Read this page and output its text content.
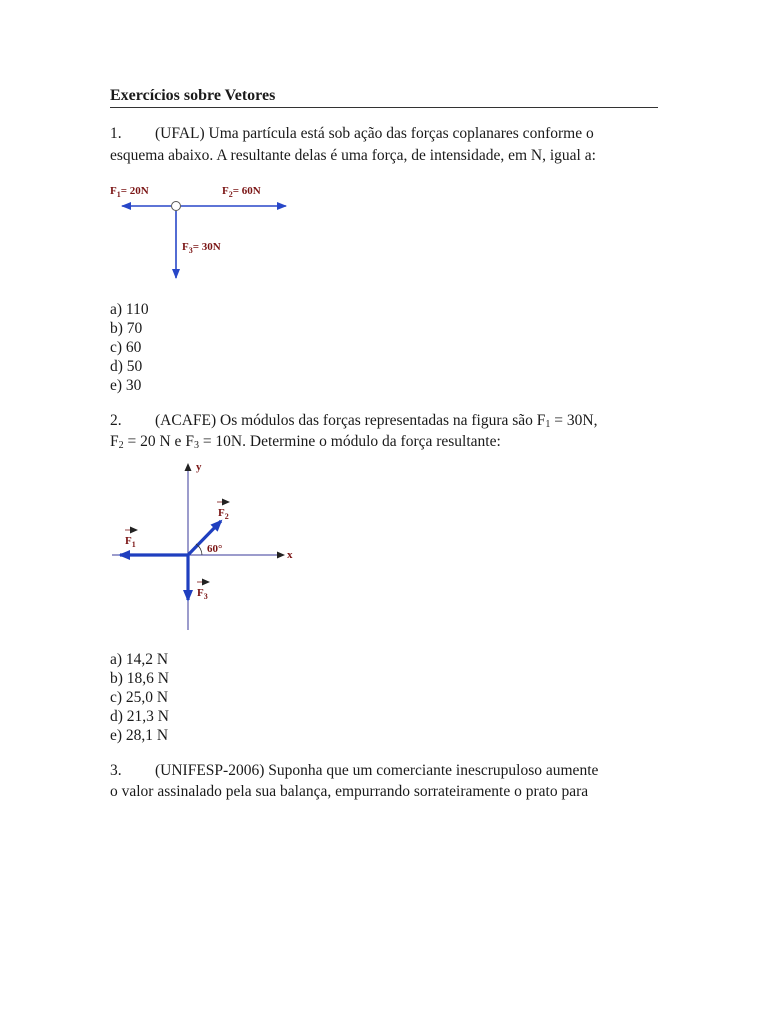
Exercícios sobre Vetores
1. (UFAL) Uma partícula está sob ação das forças coplanares conforme o
esquema abaixo. A resultante delas é uma força, de intensidade, em N, igual a:
$F_1= 20N$	$F_2= 60N$
$F_3= 30N$
a) 110
b) 70
c) 60
d) 50
e) 30
2. (ACAFE) Os módulos das forças representadas na figura são $F_1 = 30N$,
$F_2 = 20$ N e $F_3 = 10N$. Determine o módulo da força resultante:
y
x
60°
$F_1$
$F_2$
$F_3$
a) 14,2 N
b) 18,6 N
c) 25,0 N
d) 21,3 N
e) 28,1 N
3. (UNIFESP-2006) Suponha que um comerciante inescrupuloso aumente
o valor assinalado pela sua balança, empurrando sorrateiramente o prato para
